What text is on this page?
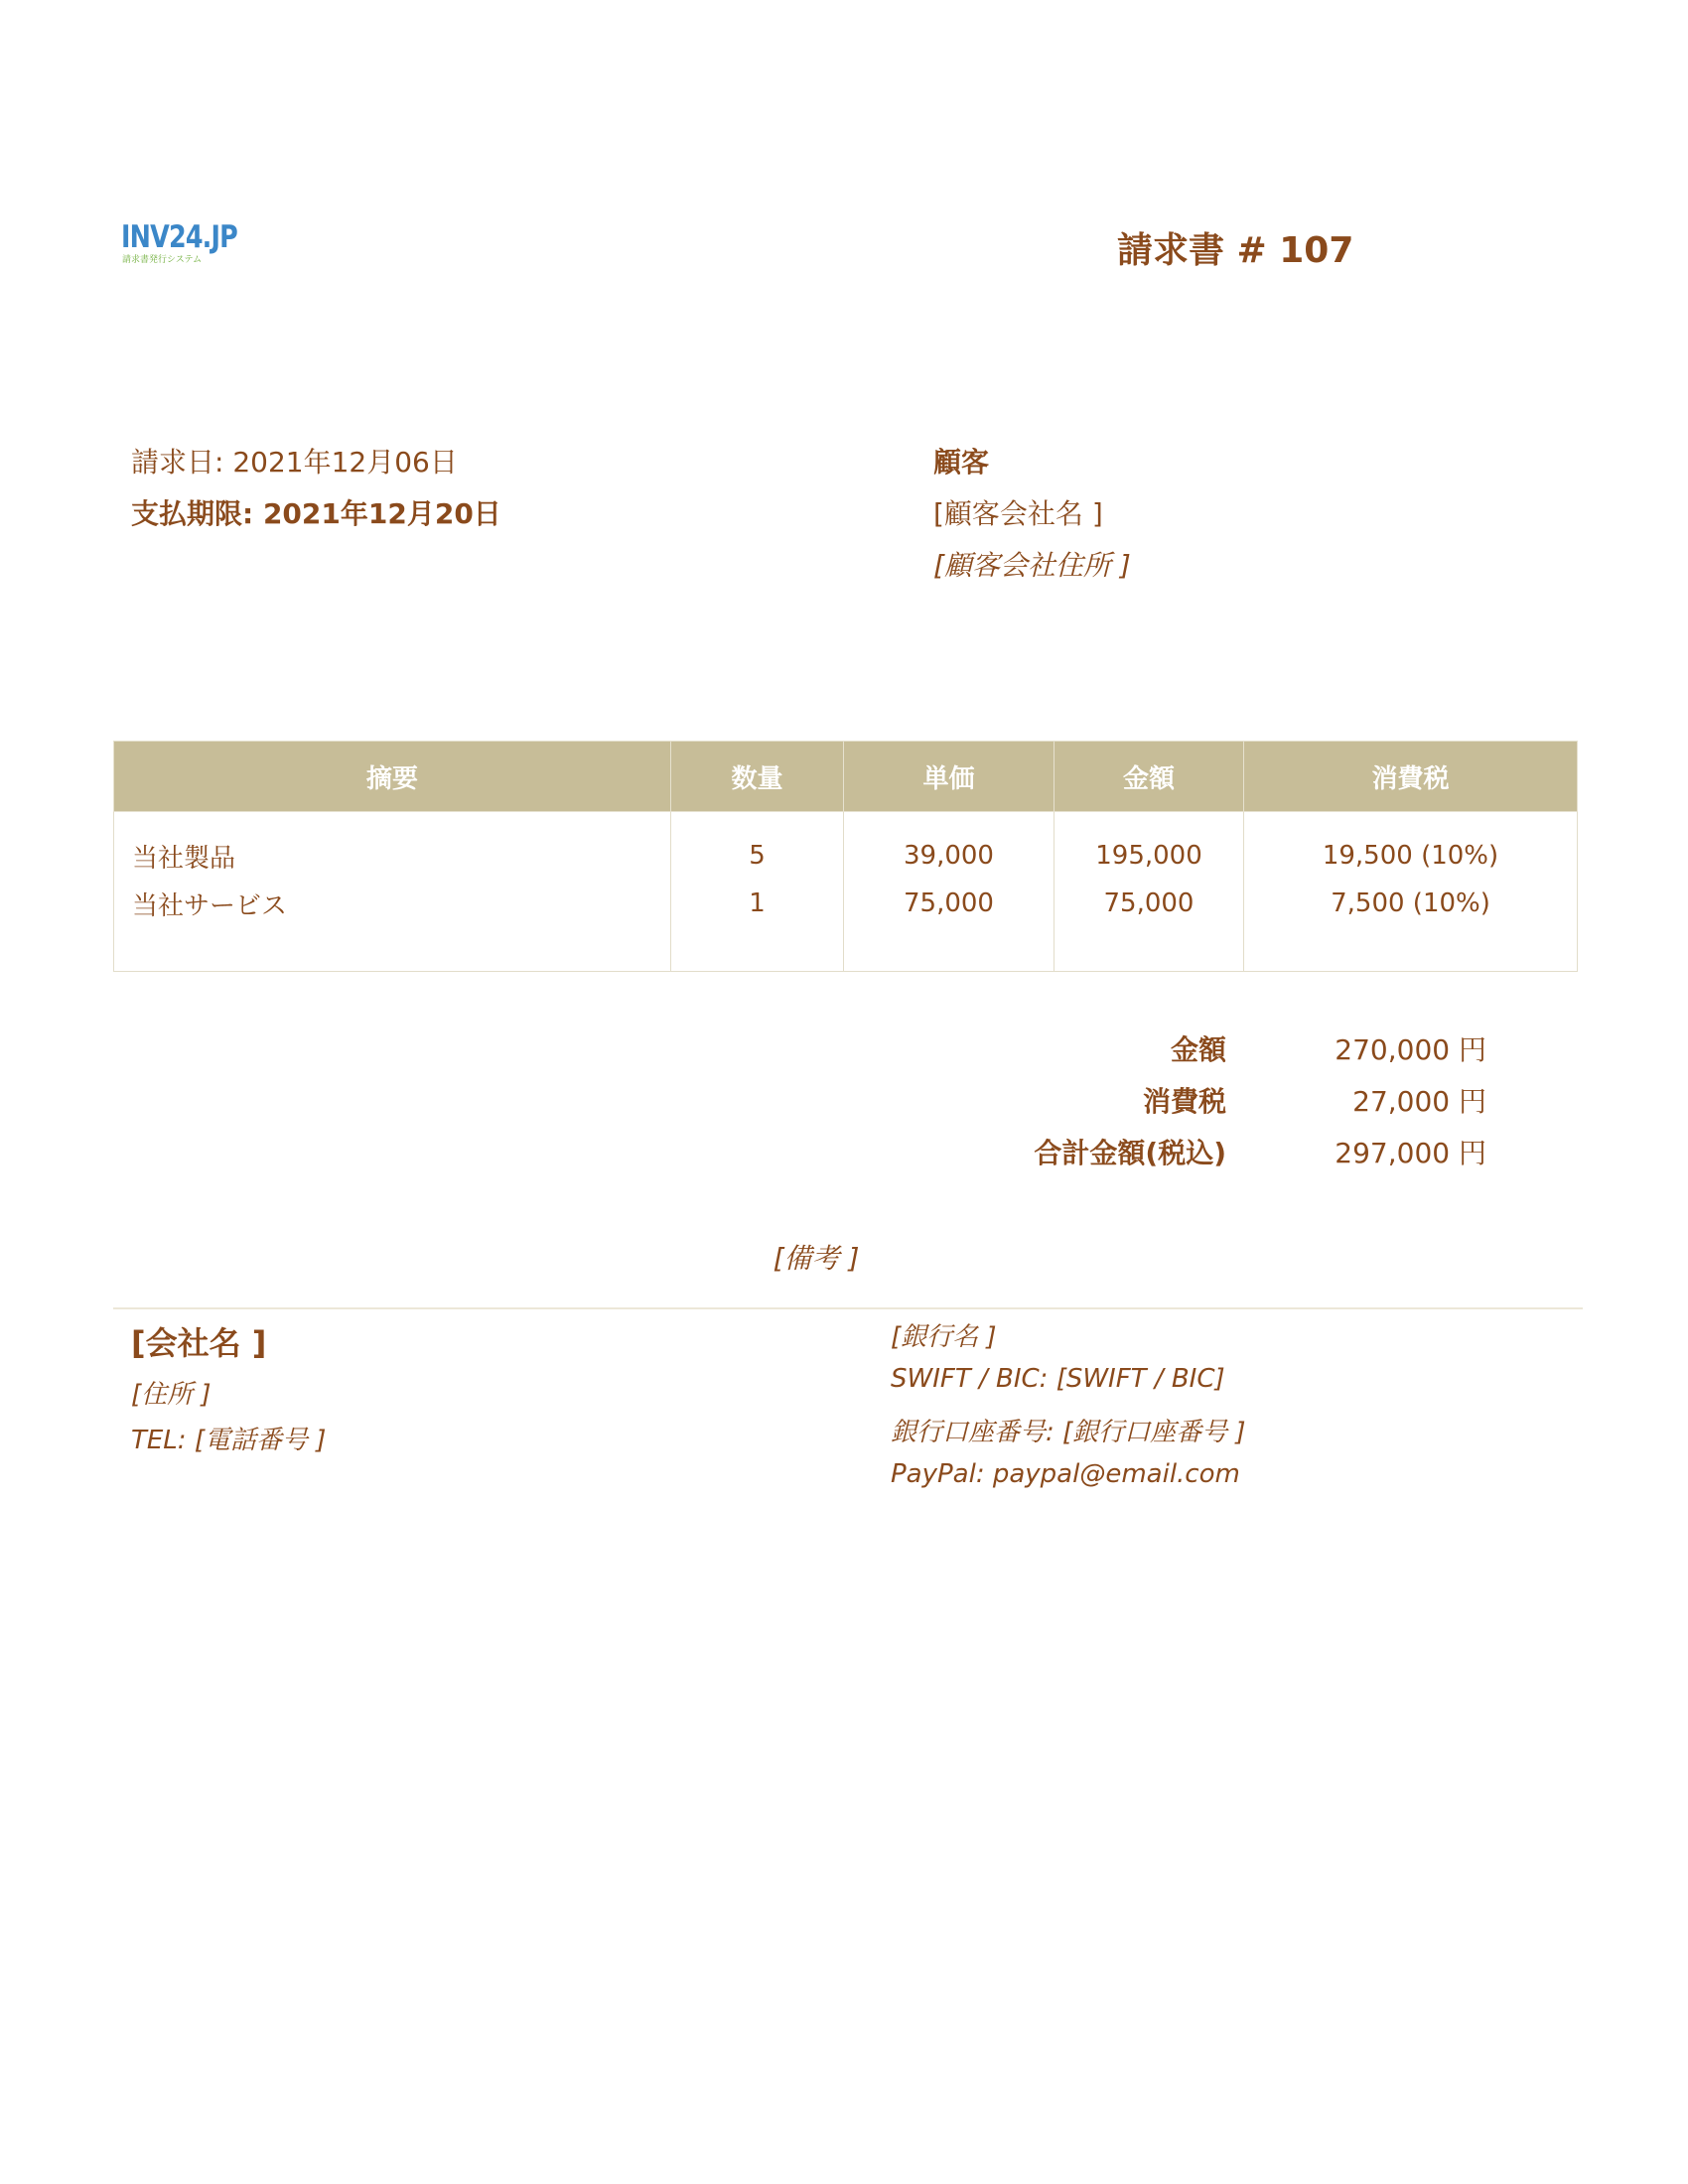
INV24.JP
請求書発行システム	請求書 # 107
請求日: 2021年12月06日
支払期限: 2021年12月20日
顧客
[顧客会社名 ]
[顧客会社住所 ]
摘要	数量	単価	金額	消費税
当社製品	5	39,000	195,000	19,500 (10%)
当社サービス	1	75,000	75,000	7,500 (10%)

金額	270,000 円
消費税	27,000 円
合計金額(税込)	297,000 円
[備考 ]
[会社名 ]
[住所 ]
TEL: [電話番号 ]
[銀行名 ]
SWIFT / BIC: [SWIFT / BIC]
銀行口座番号: [銀行口座番号 ]
PayPal: paypal@email.com
